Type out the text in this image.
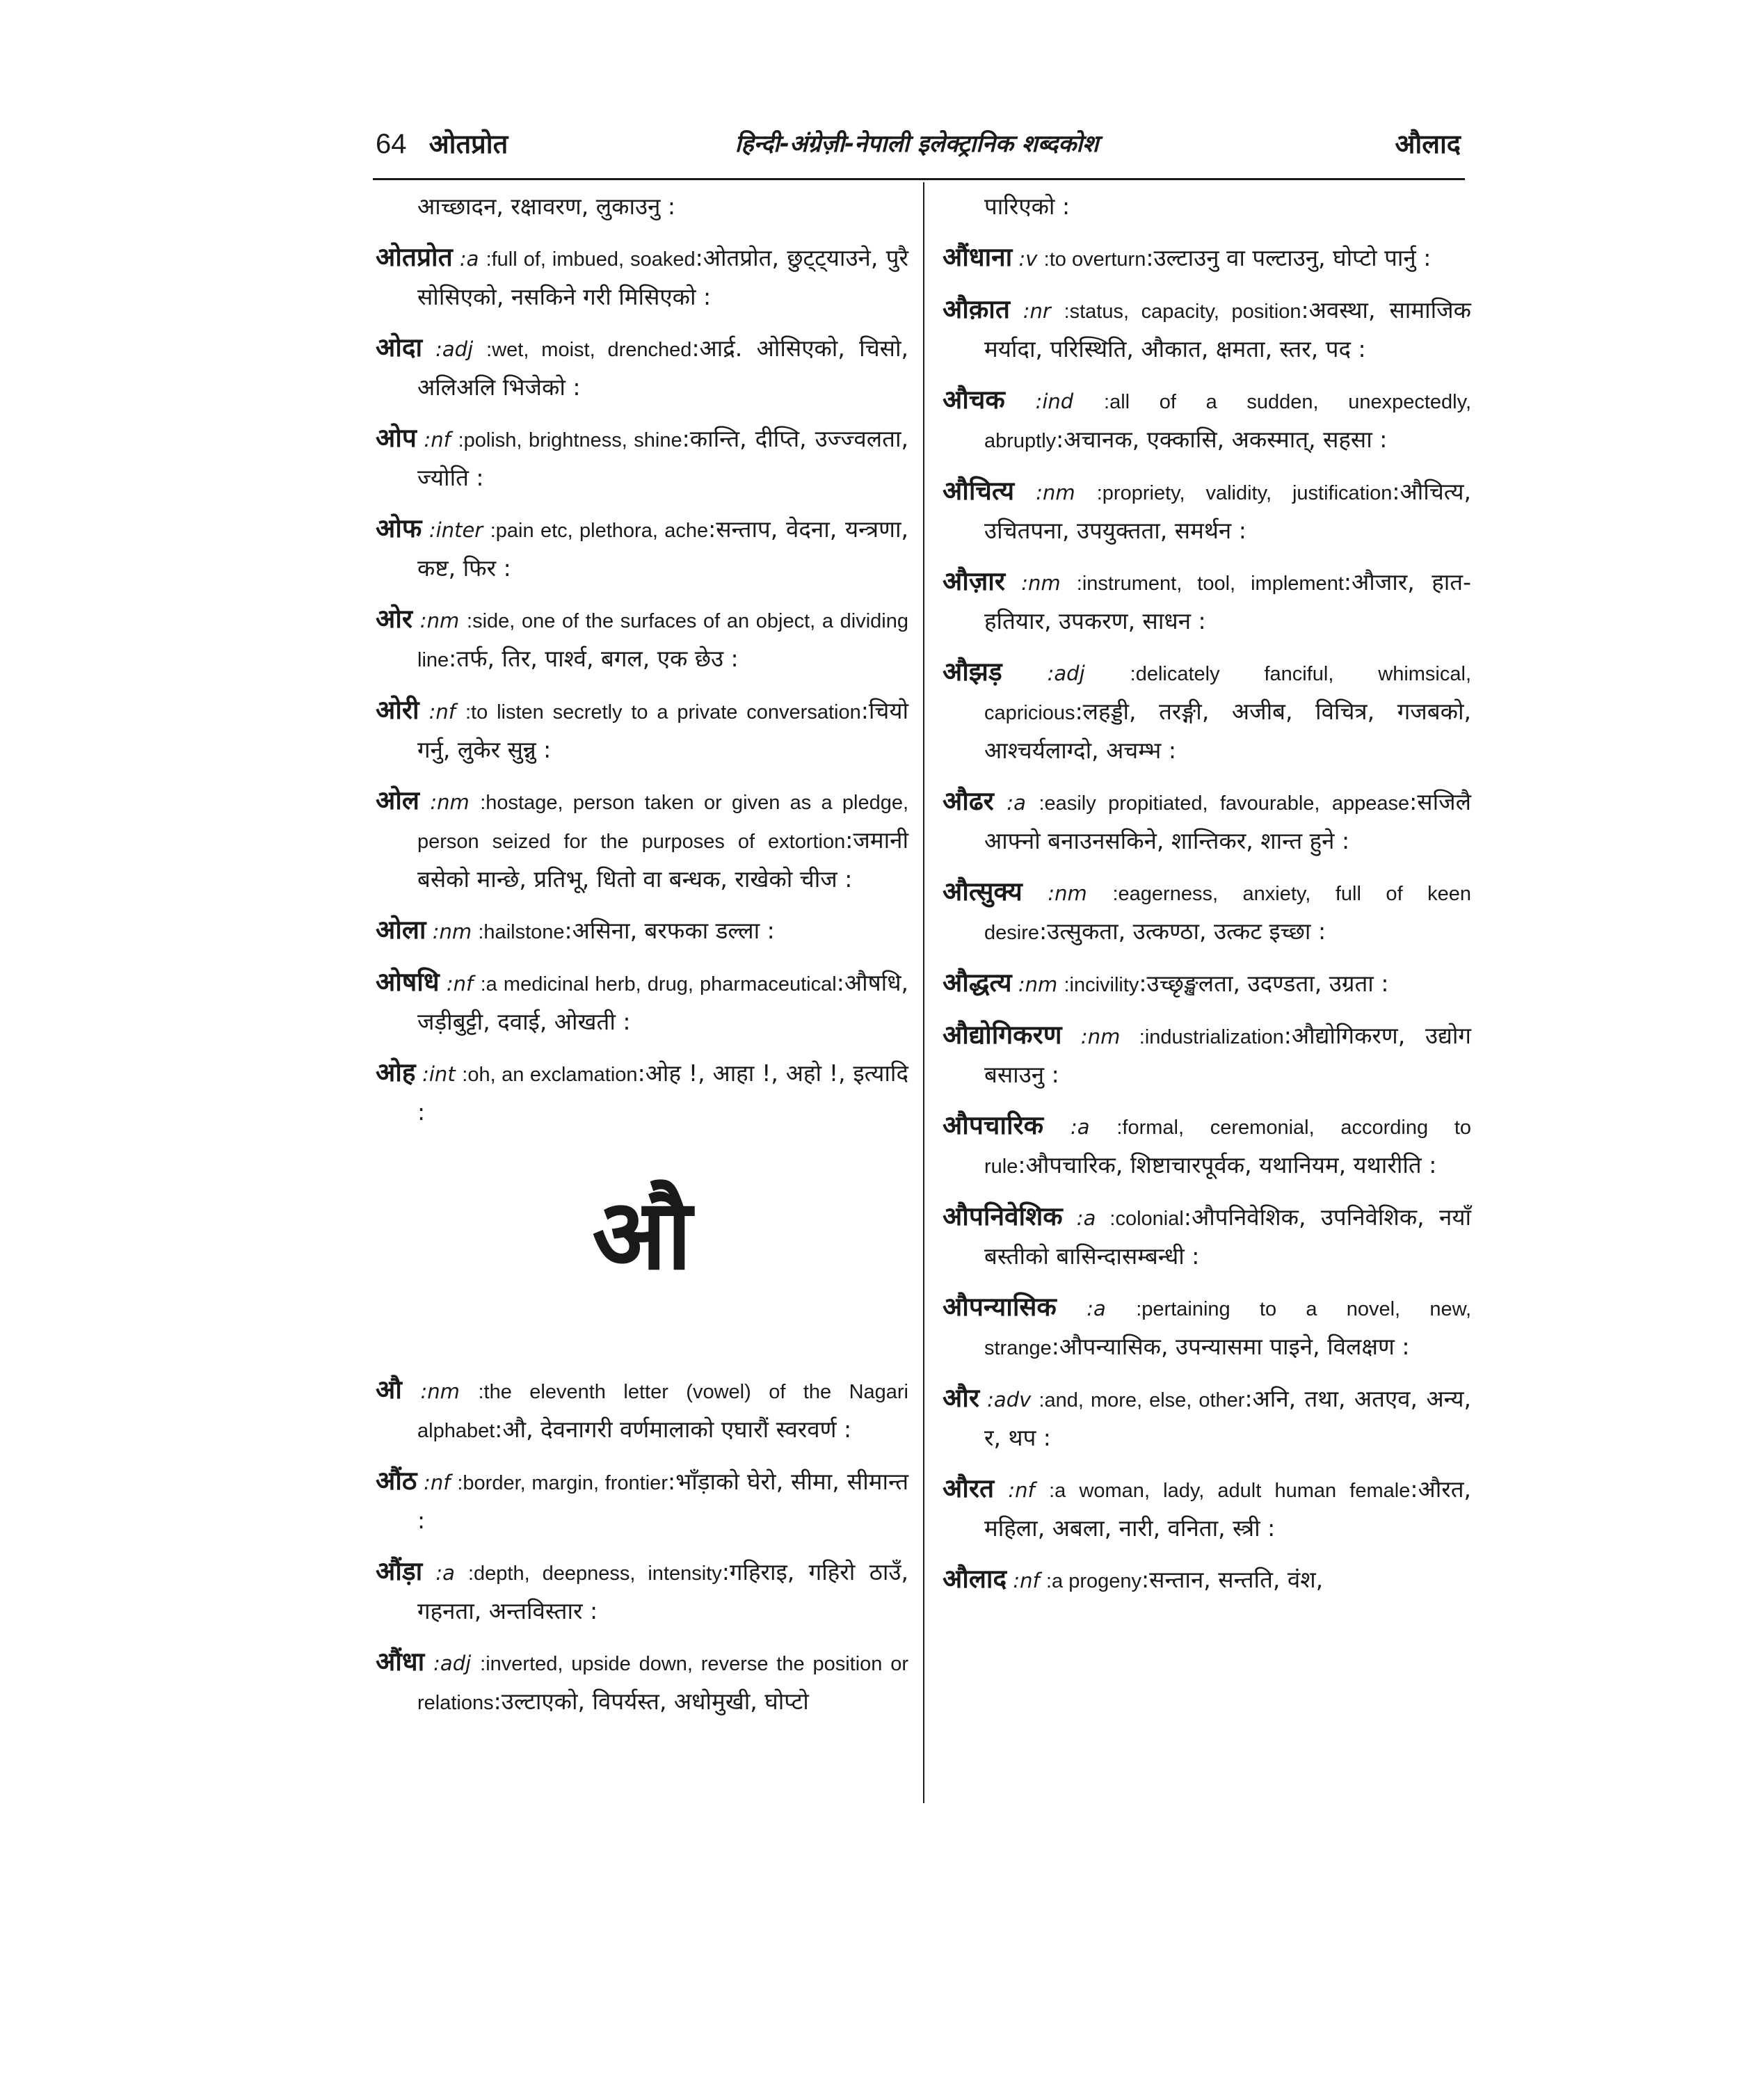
64 ओतप्रोत	हिन्दी-अंग्रेज़ी-नेपाली इलेक्ट्रानिक शब्दकोश	औलाद
आच्छादन, रक्षावरण, लुकाउनु :
ओतप्रोत :a :full of, imbued, soaked:ओतप्रोत, छुट्ट्याउने, पुरै सोसिएको, नसकिने गरी मिसिएको :
ओदा :adj :wet, moist, drenched:आर्द्र. ओसिएको, चिसो, अलिअलि भिजेको :
ओप :nf :polish, brightness, shine:कान्ति, दीप्ति, उज्ज्वलता, ज्योति :
ओफ :inter :pain etc, plethora, ache:सन्ताप, वेदना, यन्त्रणा, कष्ट, फिर :
ओर :nm :side, one of the surfaces of an object, a dividing line:तर्फ, तिर, पार्श्व, बगल, एक छेउ :
ओरी :nf :to listen secretly to a private conversation:चियो गर्नु, लुकेर सुन्नु :
ओल :nm :hostage, person taken or given as a pledge, person seized for the purposes of extortion:जमानी बसेको मान्छे, प्रतिभू, धितो वा बन्धक, राखेको चीज :
ओला :nm :hailstone:असिना, बरफका डल्ला :
ओषधि :nf :a medicinal herb, drug, pharmaceutical:औषधि, जड़ीबुट्टी, दवाई, ओखती :
ओह :int :oh, an exclamation:ओह !, आहा !, अहो !, इत्यादि :
औ
औ :nm :the eleventh letter (vowel) of the Nagari alphabet:औ, देवनागरी वर्णमालाको एघारौं स्वरवर्ण :
औंठ :nf :border, margin, frontier:भाँड़ाको घेरो, सीमा, सीमान्त :
औंड़ा :a :depth, deepness, intensity:गहिराइ, गहिरो ठाउँ, गहनता, अन्तविस्तार :
औंधा :adj :inverted, upside down, reverse the position or relations:उल्टाएको, विपर्यस्त, अधोमुखी, घोप्टो
पारिएको :
औंधाना :v :to overturn:उल्टाउनु वा पल्टाउनु, घोप्टो पार्नु :
औक़ात :nr :status, capacity, position:अवस्था, सामाजिक मर्यादा, परिस्थिति, औकात, क्षमता, स्तर, पद :
औचक :ind :all of a sudden, unexpectedly, abruptly:अचानक, एक्कासि, अकस्मात्, सहसा :
औचित्य :nm :propriety, validity, justification:औचित्य, उचितपना, उपयुक्तता, समर्थन :
औज़ार :nm :instrument, tool, implement:औजार, हात-हतियार, उपकरण, साधन :
औझड़ :adj :delicately fanciful, whimsical, capricious:लहड्डी, तरङ्गी, अजीब, विचित्र, गजबको, आश्चर्यलाग्दो, अचम्भ :
औढर :a :easily propitiated, favourable, appease:सजिलै आफ्नो बनाउनसकिने, शान्तिकर, शान्त हुने :
औत्सुक्य :nm :eagerness, anxiety, full of keen desire:उत्सुकता, उत्कण्ठा, उत्कट इच्छा :
औद्धत्य :nm :incivility:उच्छृङ्खलता, उदण्डता, उग्रता :
औद्योगिकरण :nm :industrialization:औद्योगिकरण, उद्योग बसाउनु :
औपचारिक :a :formal, ceremonial, according to rule:औपचारिक, शिष्टाचारपूर्वक, यथानियम, यथारीति :
औपनिवेशिक :a :colonial:औपनिवेशिक, उपनिवेशिक, नयाँ बस्तीको बासिन्दासम्बन्धी :
औपन्यासिक :a :pertaining to a novel, new, strange:औपन्यासिक, उपन्यासमा पाइने, विलक्षण :
और :adv :and, more, else, other:अनि, तथा, अतएव, अन्य, र, थप :
औरत :nf :a woman, lady, adult human female:औरत, महिला, अबला, नारी, वनिता, स्त्री :
औलाद :nf :a progeny:सन्तान, सन्तति, वंश,
